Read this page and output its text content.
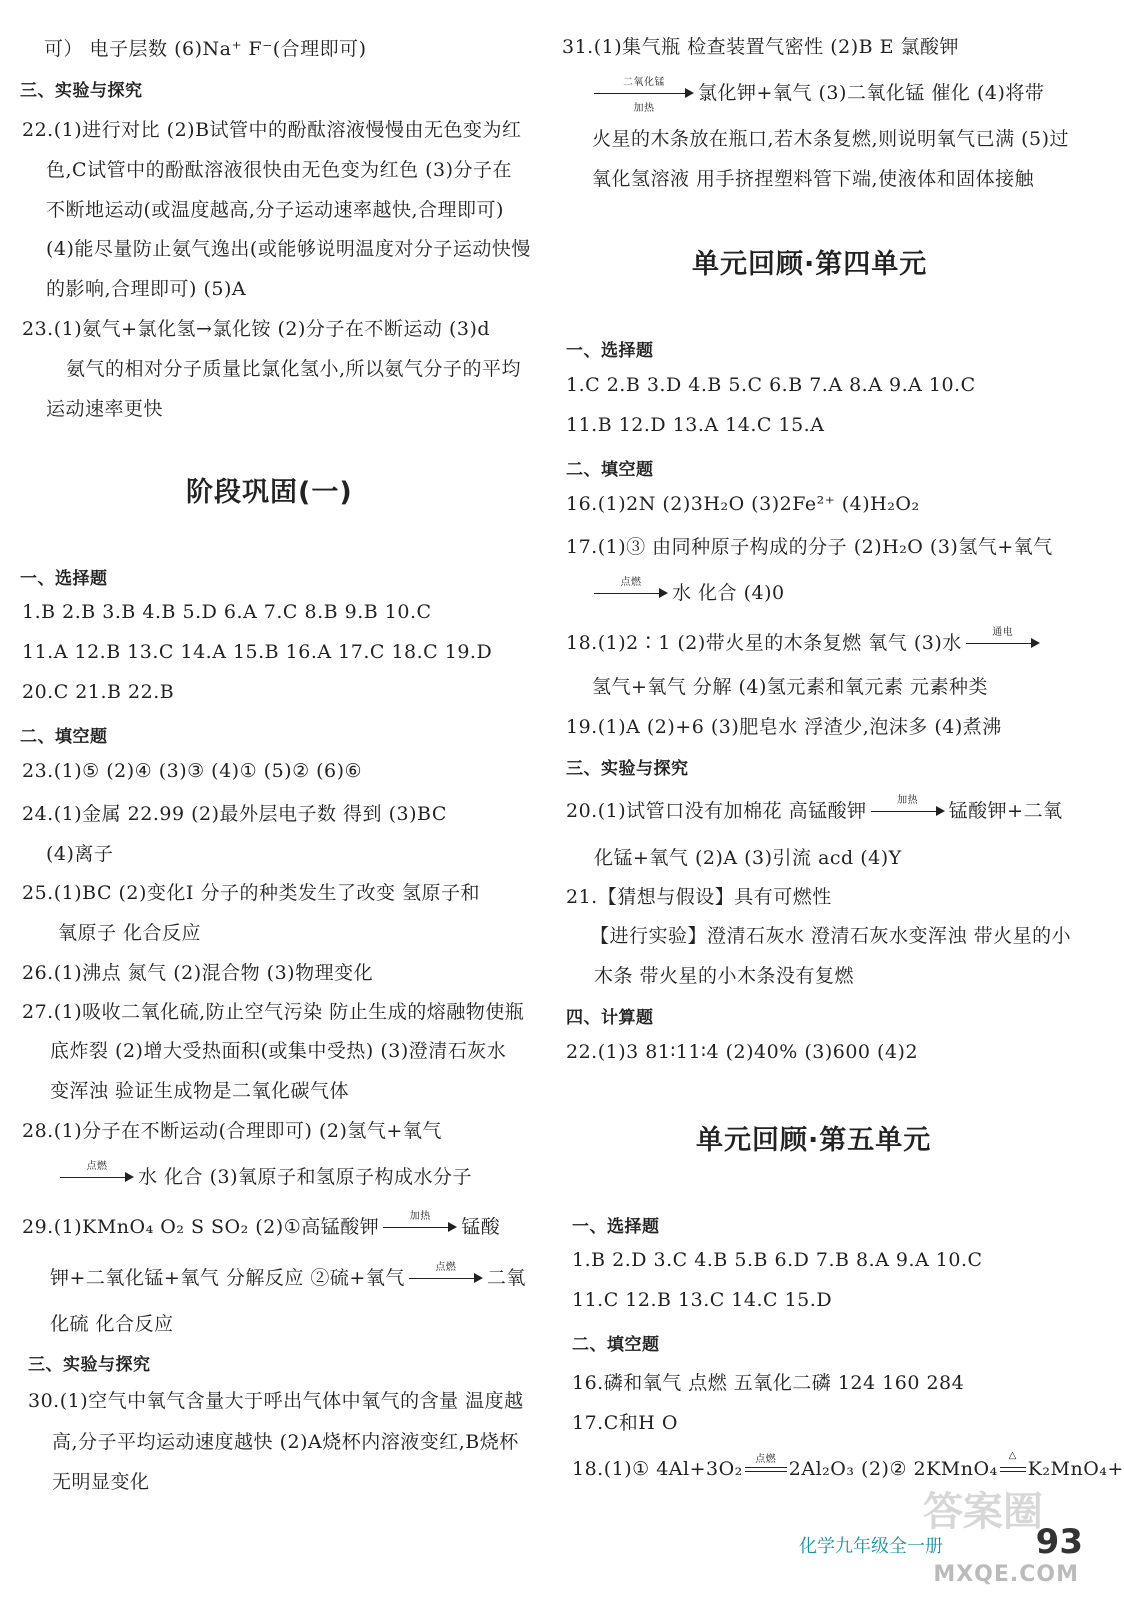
可） 电子层数 (6)Na⁺ F⁻(合理即可)
三、实验与探究
22.(1)进行对比 (2)B试管中的酚酞溶液慢慢由无色变为红
色,C试管中的酚酞溶液很快由无色变为红色 (3)分子在
不断地运动(或温度越高,分子运动速率越快,合理即可)
(4)能尽量防止氨气逸出(或能够说明温度对分子运动快慢
的影响,合理即可) (5)A
23.(1)氨气+氯化氢→氯化铵 (2)分子在不断运动 (3)d
氨气的相对分子质量比氯化氢小,所以氨气分子的平均
运动速率更快
阶段巩固(一)
一、选择题
1.B 2.B 3.B 4.B 5.D 6.A 7.C 8.B 9.B 10.C
11.A 12.B 13.C 14.A 15.B 16.A 17.C 18.C 19.D
20.C 21.B 22.B
二、填空题
23.(1)⑤ (2)④ (3)③ (4)① (5)② (6)⑥
24.(1)金属 22.99 (2)最外层电子数 得到 (3)BC
(4)离子
25.(1)BC (2)变化Ⅰ 分子的种类发生了改变 氢原子和
氧原子 化合反应
26.(1)沸点 氮气 (2)混合物 (3)物理变化
27.(1)吸收二氧化硫,防止空气污染 防止生成的熔融物使瓶
底炸裂 (2)增大受热面积(或集中受热) (3)澄清石灰水
变浑浊 验证生成物是二氧化碳气体
28.(1)分子在不断运动(合理即可) (2)氢气+氧气
点燃	水 化合 (3)氧原子和氢原子构成水分子
29.(1)KMnO₄ O₂ S SO₂ (2)①高锰酸钾	加热	锰酸
钾+二氧化锰+氧气 分解反应 ②硫+氧气	点燃	二氧
化硫 化合反应
三、实验与探究
30.(1)空气中氧气含量大于呼出气体中氧气的含量 温度越
高,分子平均运动速度越快 (2)A烧杯内溶液变红,B烧杯
无明显变化
31.(1)集气瓶 检查装置气密性 (2)B E 氯酸钾
二氧化锰
加热
氯化钾+氧气 (3)二氧化锰 催化 (4)将带
火星的木条放在瓶口,若木条复燃,则说明氧气已满 (5)过
氧化氢溶液 用手挤捏塑料管下端,使液体和固体接触
单元回顾·第四单元
一、选择题
1.C 2.B 3.D 4.B 5.C 6.B 7.A 8.A 9.A 10.C
11.B 12.D 13.A 14.C 15.A
二、填空题
16.(1)2N (2)3H₂O (3)2Fe²⁺ (4)H₂O₂
17.(1)③ 由同种原子构成的分子 (2)H₂O (3)氢气+氧气
点燃	水 化合 (4)0
18.(1)2∶1 (2)带火星的木条复燃 氧气 (3)水	通电
氢气+氧气 分解 (4)氢元素和氧元素 元素种类
19.(1)A (2)+6 (3)肥皂水 浮渣少,泡沫多 (4)煮沸
三、实验与探究
20.(1)试管口没有加棉花 高锰酸钾	加热	锰酸钾+二氧
化锰+氧气 (2)A (3)引流 acd (4)Y
21.【猜想与假设】具有可燃性
【进行实验】澄清石灰水 澄清石灰水变浑浊 带火星的小
木条 带火星的小木条没有复燃
四、计算题
22.(1)3 81∶11∶4 (2)40% (3)600 (4)2
单元回顾·第五单元
一、选择题
1.B 2.D 3.C 4.B 5.B 6.D 7.B 8.A 9.A 10.C
11.C 12.B 13.C 14.C 15.D
二、填空题
16.磷和氧气 点燃 五氧化二磷 124 160 284
17.C和H O
18.(1)① 4Al+3O₂	点燃 2Al₂O₃ (2)② 2KMnO₄
△
K₂MnO₄+
答案圈
化学九年级全一册	93
MXQE.COM
